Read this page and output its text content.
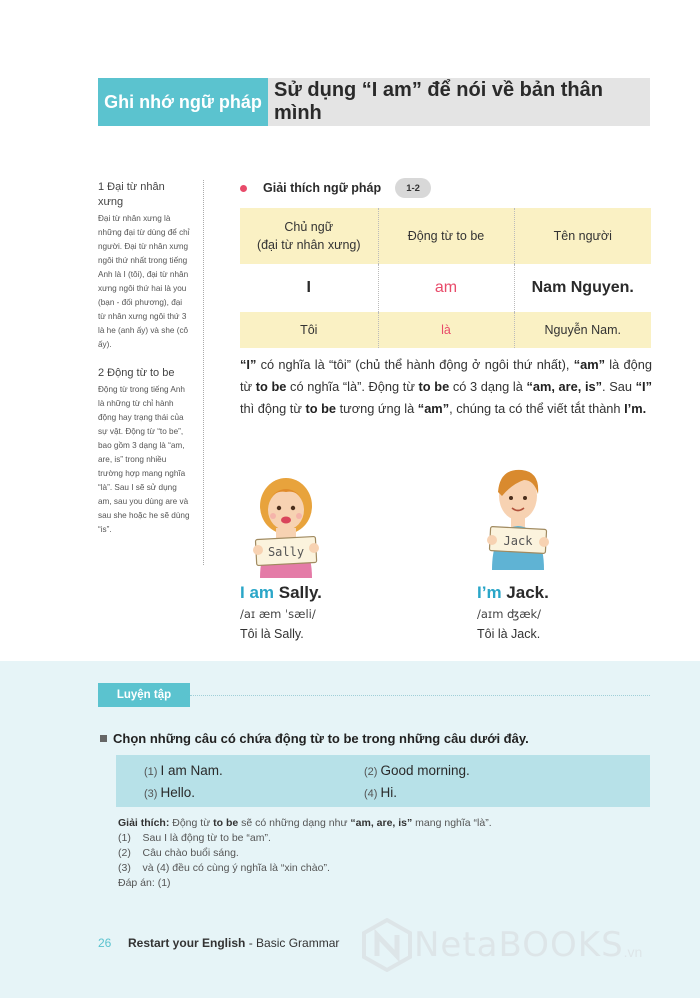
Ghi nhớ ngữ pháp
Sử dụng “I am” để nói về bản thân mình
1 Đại từ nhân xưng
Đại từ nhân xưng là những đại từ dùng để chỉ người. Đại từ nhân xưng ngôi thứ nhất trong tiếng Anh là I (tôi), đại từ nhân xưng ngôi thứ hai là you (bạn - đối phương), đại từ nhân xưng ngôi thứ 3 là he (anh ấy) và she (cô ấy).
2 Động từ to be
Động từ trong tiếng Anh là những từ chỉ hành động hay trạng thái của sự vật. Động từ “to be”, bao gồm 3 dạng là “am, are, is” trong nhiều trường hợp mang nghĩa “là”. Sau I sẽ sử dụng am, sau you dùng are và sau she hoặc he sẽ dùng “is”.
Giải thích ngữ pháp	1-2
Chủ ngữ
(đại từ nhân xưng)	Động từ to be	Tên người
I	am	Nam Nguyen.
Tôi	là	Nguyễn Nam.
“I” có nghĩa là “tôi” (chủ thể hành động ở ngôi thứ nhất), “am” là động từ to be có nghĩa “là”. Động từ to be có 3 dạng là “am, are, is”. Sau “I” thì động từ to be tương ứng là “am”, chúng ta có thể viết tắt thành I’m.
Sally
Jack
I am Sally.
/aɪ æm ˈsæli/
Tôi là Sally.
I’m Jack.
/aɪm ʤæk/
Tôi là Jack.
Luyện tập
Chọn những câu có chứa động từ to be trong những câu dưới đây.
(1) I am Nam.	(2) Good morning.
(3) Hello.	(4) Hi.
Giải thích: Động từ to be sẽ có những dạng như “am, are, is” mang nghĩa “là”.
(1)    Sau I là động từ to be “am”.
(2)    Câu chào buổi sáng.
(3)    và (4) đều có cùng ý nghĩa là “xin chào”.
Đáp án: (1)
26 Restart your English - Basic Grammar NetaBOOKS .vn
